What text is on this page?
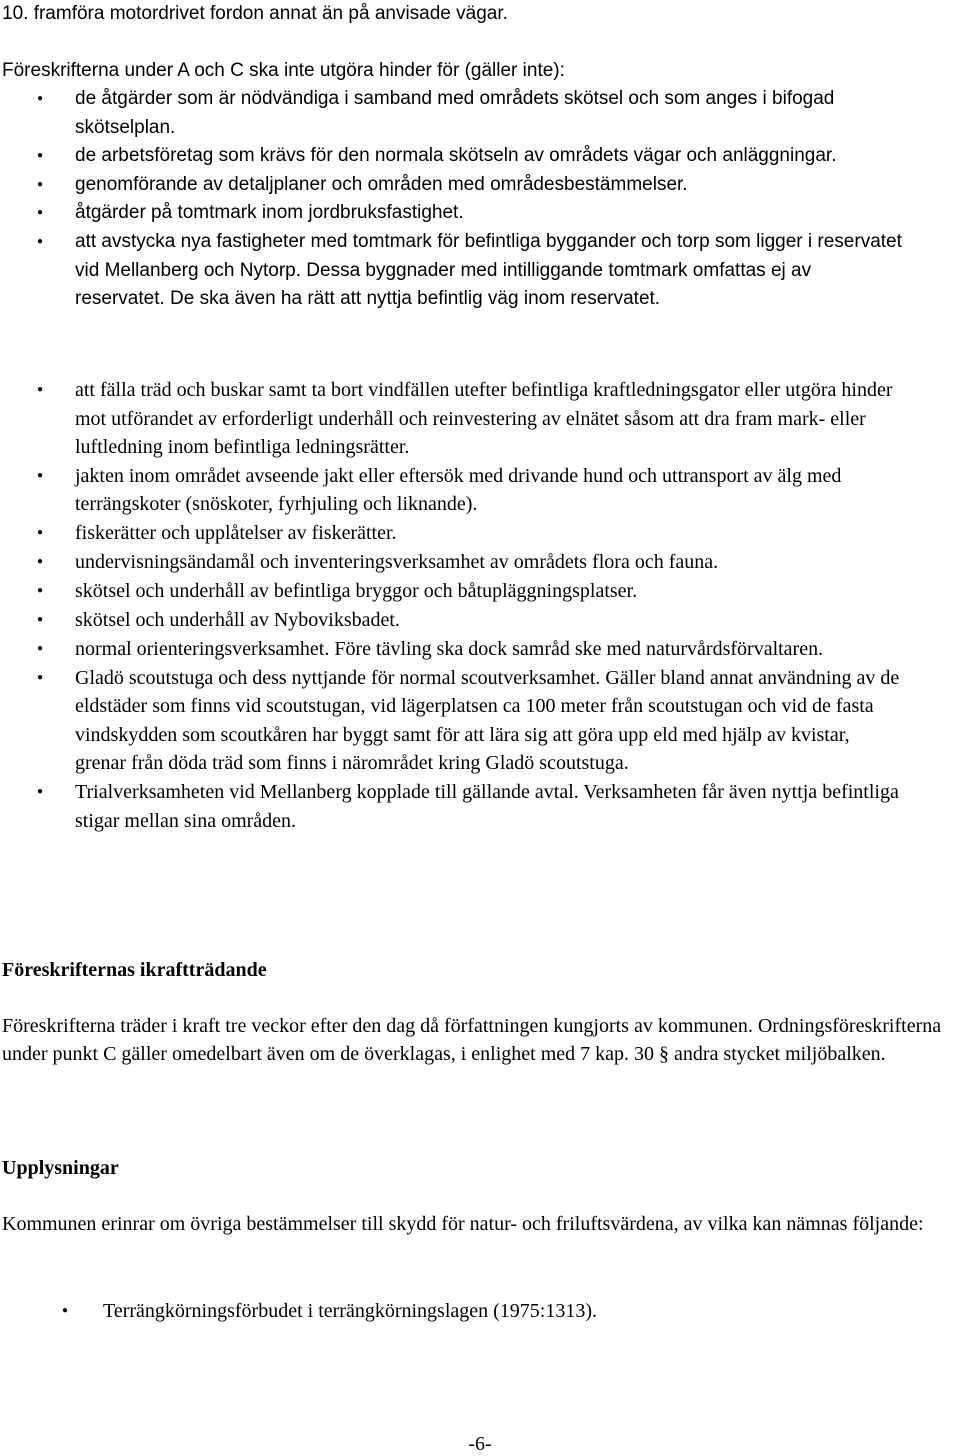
10. framföra motordrivet fordon annat än på anvisade vägar.

Föreskrifterna under A och C ska inte utgöra hinder för (gäller inte):

de åtgärder som är nödvändiga i samband med områdets skötsel och som anges i bifogad skötselplan.
de arbetsföretag som krävs för den normala skötseln av områdets vägar och anläggningar.
genomförande av detaljplaner och områden med områdesbestämmelser.
åtgärder på tomtmark inom jordbruksfastighet.
att avstycka nya fastigheter med tomtmark för befintliga byggander och torp som ligger i reservatet vid Mellanberg och Nytorp. Dessa byggnader med intilliggande tomtmark omfattas ej av reservatet. De ska även ha rätt att nyttja befintlig väg inom reservatet.
att fälla träd och buskar samt ta bort vindfällen utefter befintliga kraftledningsgator eller utgöra hinder mot utförandet av erforderligt underhåll och reinvestering av elnätet såsom att dra fram mark- eller luftledning inom befintliga ledningsrätter.
jakten inom området avseende jakt eller eftersök med drivande hund och uttransport av älg med terrängskoter (snöskoter, fyrhjuling och liknande).
fiskerätter och upplåtelser av fiskerätter.
undervisningsändamål och inventeringsverksamhet av områdets flora och fauna.
skötsel och underhåll av befintliga bryggor och båtupläggningsplatser.
skötsel och underhåll av Nyboviksbadet.
normal orienteringsverksamhet. Före tävling ska dock samråd ske med naturvårdsförvaltaren.
Gladö scoutstuga och dess nyttjande för normal scoutverksamhet. Gäller bland annat användning av de eldstäder som finns vid scoutstugan, vid lägerplatsen ca 100 meter från scoutstugan och vid de fasta vindskydden som scoutkåren har byggt samt för att lära sig att göra upp eld med hjälp av kvistar, grenar från döda träd som finns i närområdet kring Gladö scoutstuga.
Trialverksamheten vid Mellanberg kopplade till gällande avtal. Verksamheten får även nyttja befintliga stigar mellan sina områden.
Föreskrifternas ikraftträdande

Föreskrifterna träder i kraft tre veckor efter den dag då författningen kungjorts av kommunen. Ordningsföreskrifterna under punkt C gäller omedelbart även om de överklagas, i enlighet med 7 kap. 30 § andra stycket miljöbalken.

Upplysningar

Kommunen erinrar om övriga bestämmelser till skydd för natur- och friluftsvärdena, av vilka kan nämnas följande:

Terrängkörningsförbudet i terrängkörningslagen (1975:1313).
-6-
